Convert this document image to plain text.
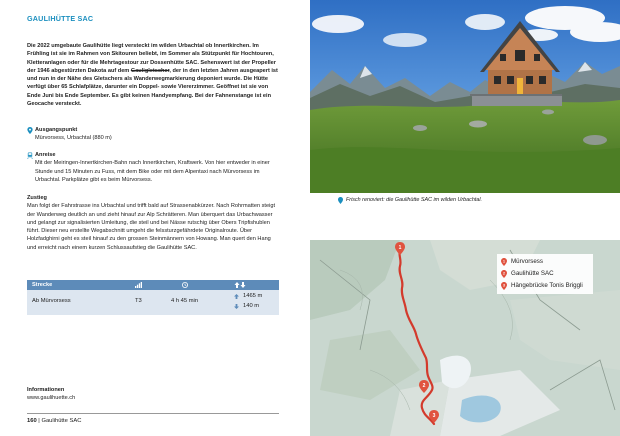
GAULIHÜTTE SAC
Die 2022 umgebaute Gaulihütte liegt versteckt im wilden Urbachtal ob Innertkirchen. Im Frühling ist sie im Rahmen von Skitouren beliebt, im Sommer als Stützpunkt für Hochtouren, Kletteranlagen oder für die Mehrtagestour zur Dossenhütte SAC. Sehenswert ist der Propeller der 1946 abgestürzten Dakota auf dem Gauligletscher, der in den letzten Jahren ausgeapert ist und nun in der Nähe des Gletschers als Wanderwegmarkierung deponiert wurde. Die Hütte verfügt über 65 Schlafplätze, darunter ein Doppel- sowie Viererzimmer. Geöffnet ist sie von Ende Juni bis Ende September. Es gibt keinen Handyempfang. Bei der Fahnenstange ist ein Geocache versteckt.
Ausgangspunkt
Mürvorsess, Urbachtal (880 m)
Anreise
Mit der Meiringen-Innertkirchen-Bahn nach Innertkirchen, Kraftwerk. Von hier entweder in einer Stunde und 15 Minuten zu Fuss, mit dem Bike oder mit dem Alpentaxi nach Mürvorsess im Urbachtal. Parkplätze gibt es beim Mürvorsess.
Zustieg
Man folgt der Fahrstrasse ins Urbachtal und trifft bald auf Strassenabkürzer. Nach Rohrmatten steigt der Wanderweg deutlich an und zieht hinauf zur Alp Schrätteren. Man überquert das Urbachwasser und gelangt zur signalisierten Umleitung, die steil und bei Nässe rutschig über Obers Tripfishublen führt. Dieser neu erstellte Wegabschnitt umgeht die felssturzgefährdete Originalroute. Über Holzfadghirni geht es steil hinauf zu den grossen Steinmännern von Howang. Man quert den Hang und erreicht nach einem kurzen Schlussaufstieg die Gaulihütte SAC.
Strecke
Ab Mürvorsess	T3	4 h 45 min
1465 m
140 m
Informationen
www.gaulihuette.ch
160 | Gaulihütte SAC
Frisch renoviert: die Gaulihütte SAC im wilden Urbachtal.
1
2
3
1 Mürvorsess
2 Gaulihütte SAC
3 Hängebrücke Tonis Briggli
